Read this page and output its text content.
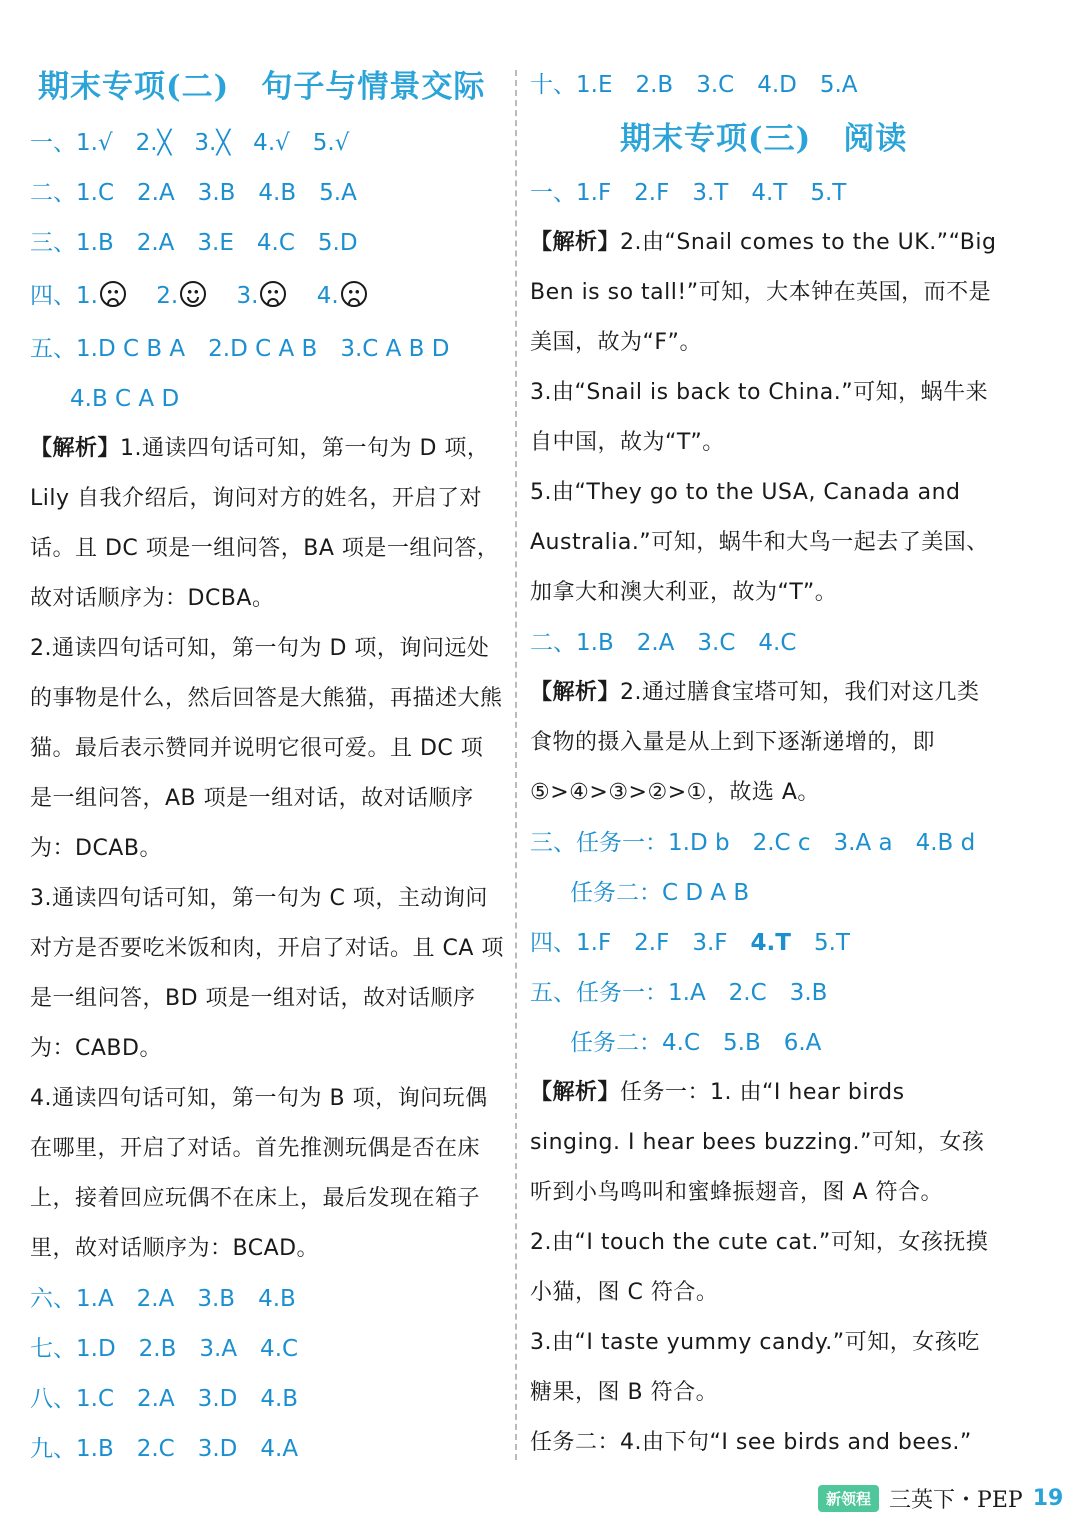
期末专项(二)　句子与情景交际
一、1.√　2.╳　3.╳　4.√　5.√
二、1.C　2.A　3.B　4.B　5.A
三、1.B　2.A　3.E　4.C　5.D
四、1.
　	2.
　	3.
　	4.
五、1.D C B A　2.D C A B　3.C A B D
4.B C A D
【解析】1.通读四句话可知，第一句为 D 项，Lily 自我介绍后，询问对方的姓名，开启了对话。且 DC 项是一组问答，BA 项是一组问答，故对话顺序为：DCBA。
2.通读四句话可知，第一句为 D 项，询问远处的事物是什么，然后回答是大熊猫，再描述大熊猫。最后表示赞同并说明它很可爱。且 DC 项是一组问答，AB 项是一组对话，故对话顺序为：DCAB。
3.通读四句话可知，第一句为 C 项，主动询问对方是否要吃米饭和肉，开启了对话。且 CA 项是一组问答，BD 项是一组对话，故对话顺序为：CABD。
4.通读四句话可知，第一句为 B 项，询问玩偶在哪里，开启了对话。首先推测玩偶是否在床上，接着回应玩偶不在床上，最后发现在箱子里，故对话顺序为：BCAD。
六、1.A　2.A　3.B　4.B
七、1.D　2.B　3.A　4.C
八、1.C　2.A　3.D　4.B
九、1.B　2.C　3.D　4.A
十、1.E　2.B　3.C　4.D　5.A
期末专项(三)　阅读
一、1.F　2.F　3.T　4.T　5.T
【解析】2.由“Snail comes to the UK.”“Big Ben is so tall!”可知，大本钟在英国，而不是美国，故为“F”。
3.由“Snail is back to China.”可知，蜗牛来自中国，故为“T”。
5.由“They go to the USA, Canada and Australia.”可知，蜗牛和大鸟一起去了美国、加拿大和澳大利亚，故为“T”。
二、1.B　2.A　3.C　4.C
【解析】2.通过膳食宝塔可知，我们对这几类食物的摄入量是从上到下逐渐递增的，即⑤>④>③>②>①，故选 A。
三、任务一：1.D b　2.C c　3.A a　4.B d
任务二：C D A B
四、1.F　2.F　3.F　4.T　5.T
五、任务一：1.A　2.C　3.B
任务二：4.C　5.B　6.A
【解析】任务一：1. 由“I hear birds singing. I hear bees buzzing.”可知，女孩听到小鸟鸣叫和蜜蜂振翅音，图 A 符合。
2.由“I touch the cute cat.”可知，女孩抚摸小猫，图 C 符合。
3.由“I taste yummy candy.”可知，女孩吃糖果，图 B 符合。
任务二：4.由下句“I see birds and bees.”
新领程 三英下・PEP 19
